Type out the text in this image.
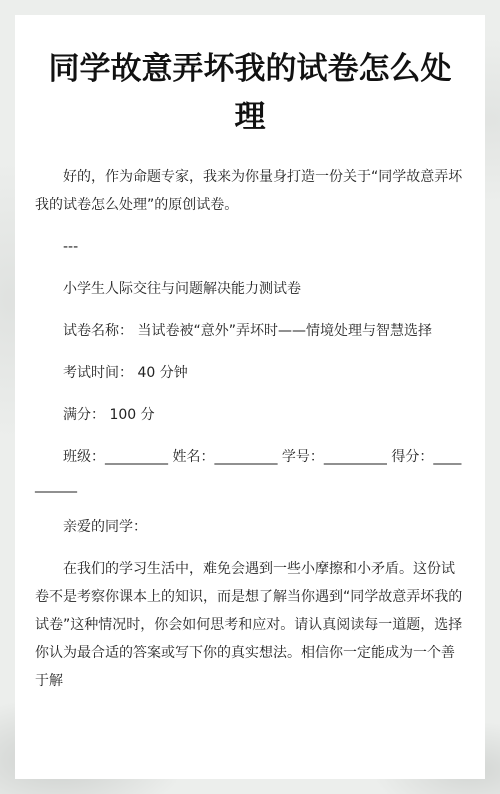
同学故意弄坏我的试卷怎么处理

好的，作为命题专家，我来为你量身打造一份关于“同学故意弄坏我的试卷怎么处理”的原创试卷。

---

小学生人际交往与问题解决能力测试卷

试卷名称： 当试卷被“意外”弄坏时——情境处理与智慧选择

考试时间： 40 分钟

满分： 100 分

班级：_________ 姓名：_________ 学号：_________ 得分：__________

亲爱的同学：

在我们的学习生活中，难免会遇到一些小摩擦和小矛盾。这份试卷不是考察你课本上的知识，而是想了解当你遇到“同学故意弄坏我的试卷”这种情况时，你会如何思考和应对。请认真阅读每一道题，选择你认为最合适的答案或写下你的真实想法。相信你一定能成为一个善于解
